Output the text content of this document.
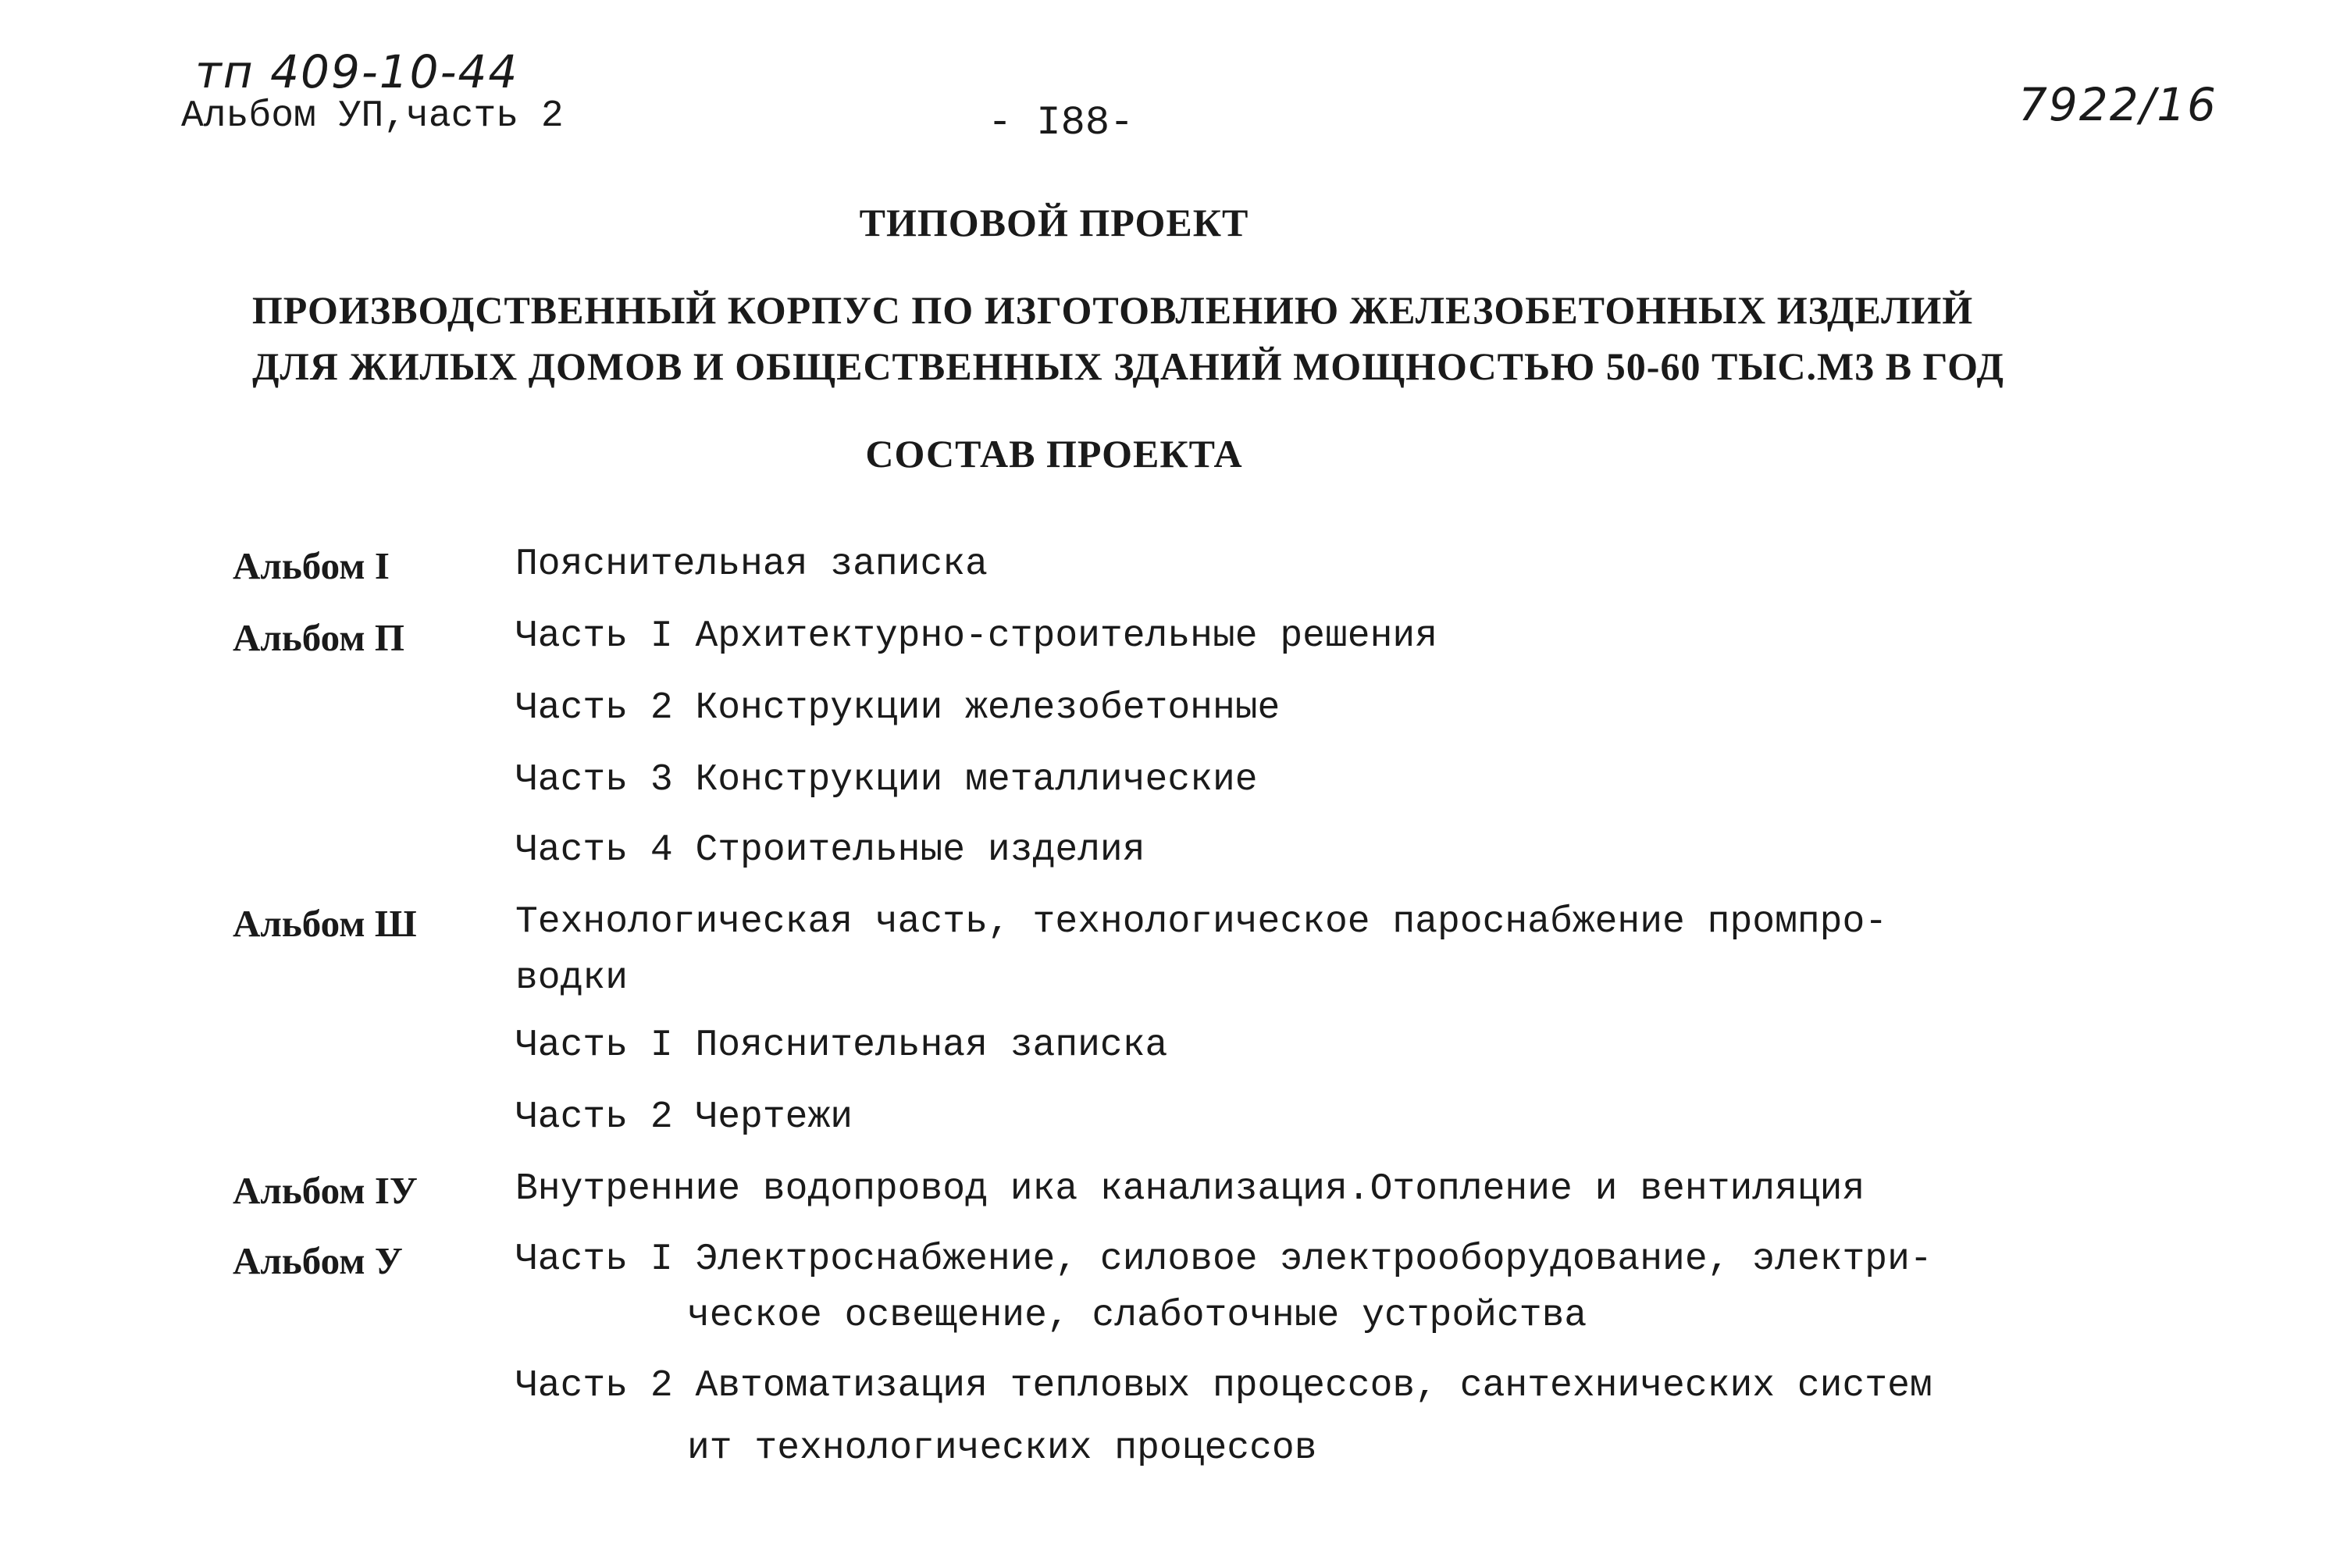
тп 409-10-44
Альбом УП,часть 2	- I88-	7922/16
ТИПОВОЙ ПРОЕКТ
ПРОИЗВОДСТВЕННЫЙ КОРПУС ПО ИЗГОТОВЛЕНИЮ ЖЕЛЕЗОБЕТОННЫХ ИЗДЕЛИЙ
ДЛЯ ЖИЛЫХ ДОМОВ И ОБЩЕСТВЕННЫХ ЗДАНИЙ МОЩНОСТЬЮ 50-60 ТЫС.М3 В ГОД
СОСТАВ ПРОЕКТА
Альбом I	Пояснительная записка
Альбом П	Часть I Архитектурно-строительные решения
Часть 2 Конструкции железобетонные
Часть 3 Конструкции металлические
Часть 4 Строительные изделия
Альбом Ш	Технологическая часть, технологическое пароснабжение промпро-
водки
Часть I Пояснительная записка
Часть 2 Чертежи
Альбом IУ	Внутренние водопровод ика канализация.Отопление и вентиляция
Альбом У	Часть I Электроснабжение, силовое электрооборудование, электри-
ческое освещение, слаботочные устройства
Часть 2 Автоматизация тепловых процессов, сантехнических систем
ит технологических процессов
